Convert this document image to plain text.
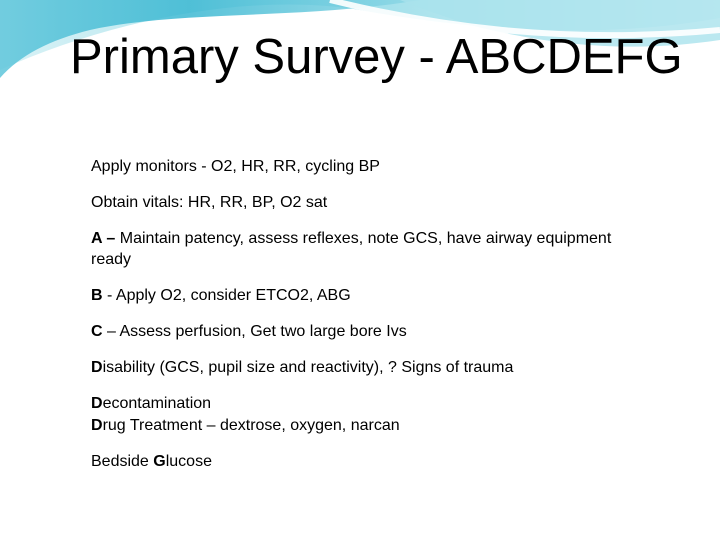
Primary Survey - ABCDEFG
Apply monitors - O2, HR, RR, cycling BP
Obtain vitals: HR, RR, BP, O2 sat
A – Maintain patency, assess reflexes, note GCS, have airway equipment ready
B - Apply O2, consider ETCO2, ABG
C – Assess perfusion, Get two large bore Ivs
Disability (GCS, pupil size and reactivity), ? Signs of trauma
Decontamination
Drug Treatment – dextrose, oxygen, narcan
Bedside Glucose
